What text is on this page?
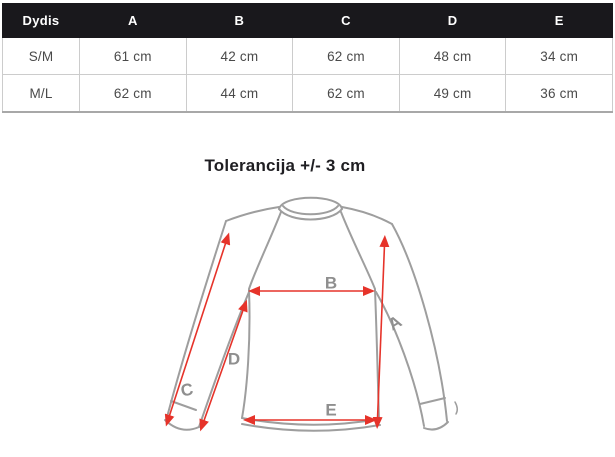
Dydis	A	B	C	D	E
S/M	61 cm	42 cm	62 cm	48 cm	34 cm
M/L	62 cm	44 cm	62 cm	49 cm	36 cm
Tolerancija +/- 3 cm
B
A
C
D
E
